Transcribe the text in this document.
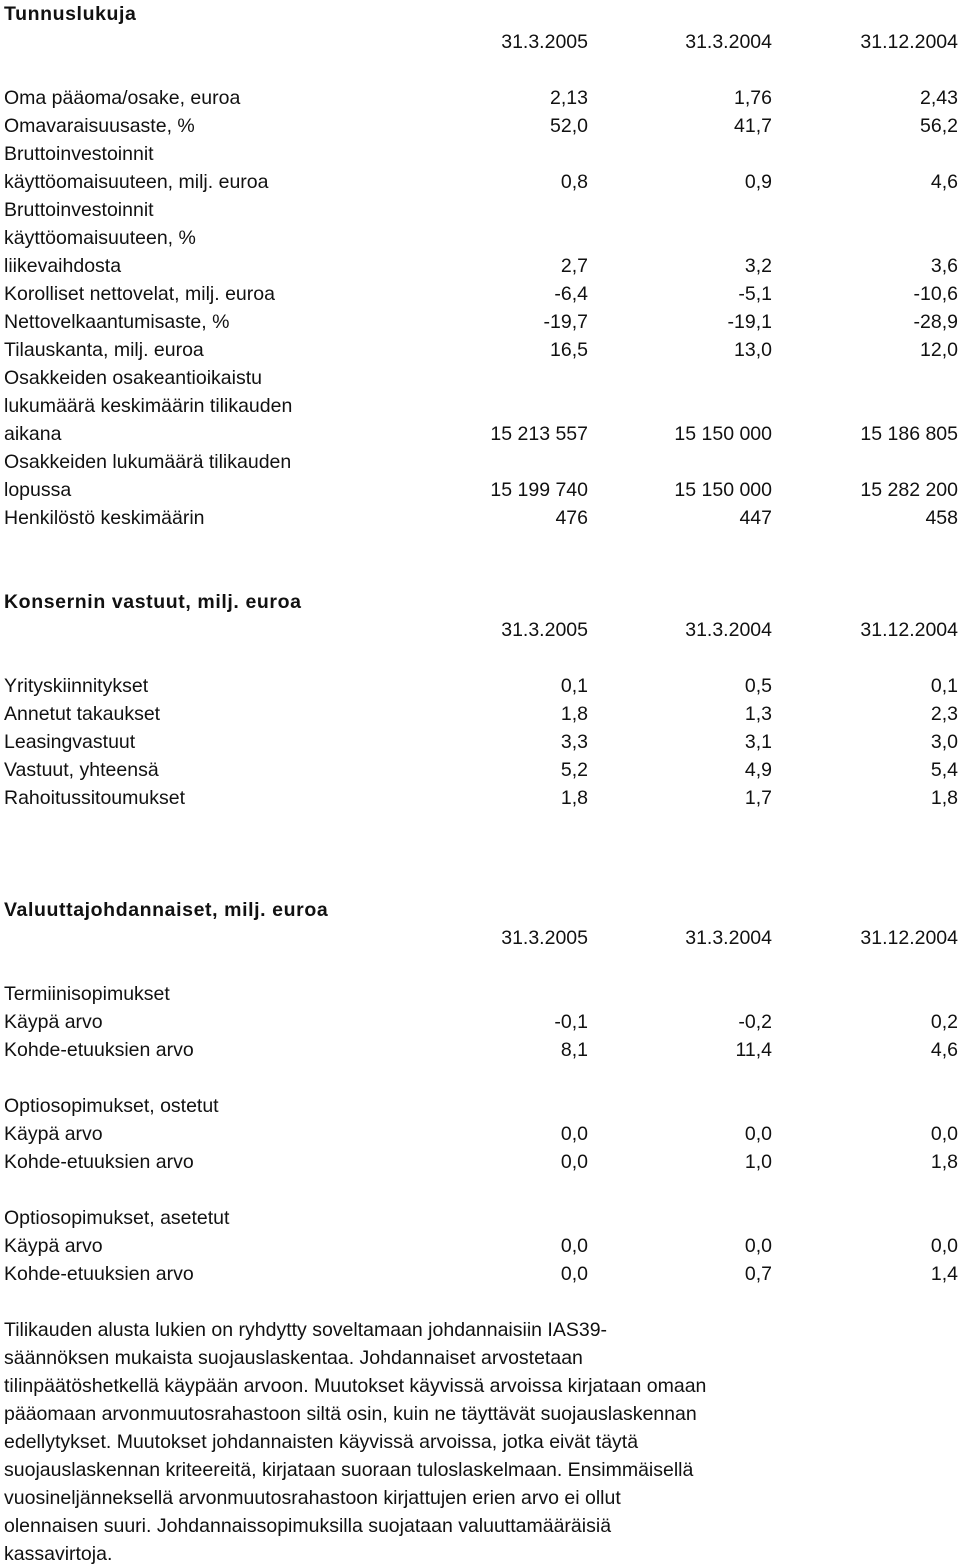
Tunnuslukuja
31.3.2005	31.3.2004	31.12.2004
Oma pääoma/osake, euroa	2,13	1,76	2,43
Omavaraisuusaste, %	52,0	41,7	56,2
Bruttoinvestoinnit
käyttöomaisuuteen, milj. euroa	0,8	0,9	4,6
Bruttoinvestoinnit
käyttöomaisuuteen, %
liikevaihdosta	2,7	3,2	3,6
Korolliset nettovelat, milj. euroa	-6,4	-5,1	-10,6
Nettovelkaantumisaste, %	-19,7	-19,1	-28,9
Tilauskanta, milj. euroa	16,5	13,0	12,0
Osakkeiden osakeantioikaistu
lukumäärä keskimäärin tilikauden
aikana	15 213 557	15 150 000	15 186 805
Osakkeiden lukumäärä tilikauden
lopussa	15 199 740	15 150 000	15 282 200
Henkilöstö keskimäärin	476	447	458
Konsernin vastuut, milj. euroa
31.3.2005	31.3.2004	31.12.2004
Yrityskiinnitykset	0,1	0,5	0,1
Annetut takaukset	1,8	1,3	2,3
Leasingvastuut	3,3	3,1	3,0
Vastuut, yhteensä	5,2	4,9	5,4
Rahoitussitoumukset	1,8	1,7	1,8
Valuuttajohdannaiset, milj. euroa
31.3.2005	31.3.2004	31.12.2004
Termiinisopimukset
Käypä arvo	-0,1	-0,2	0,2
Kohde-etuuksien arvo	8,1	11,4	4,6
Optiosopimukset, ostetut
Käypä arvo	0,0	0,0	0,0
Kohde-etuuksien arvo	0,0	1,0	1,8
Optiosopimukset, asetetut
Käypä arvo	0,0	0,0	0,0
Kohde-etuuksien arvo	0,0	0,7	1,4
Tilikauden alusta lukien on ryhdytty soveltamaan johdannaisiin IAS39-
säännöksen mukaista suojauslaskentaa. Johdannaiset arvostetaan
tilinpäätöshetkellä käypään arvoon. Muutokset käyvissä arvoissa kirjataan omaan
pääomaan arvonmuutosrahastoon siltä osin, kuin ne täyttävät suojauslaskennan
edellytykset. Muutokset johdannaisten käyvissä arvoissa, jotka eivät täytä
suojauslaskennan kriteereitä, kirjataan suoraan tuloslaskelmaan. Ensimmäisellä
vuosineljänneksellä arvonmuutosrahastoon kirjattujen erien arvo ei ollut
olennaisen suuri. Johdannaissopimuksilla suojataan valuuttamääräisiä
kassavirtoja.
